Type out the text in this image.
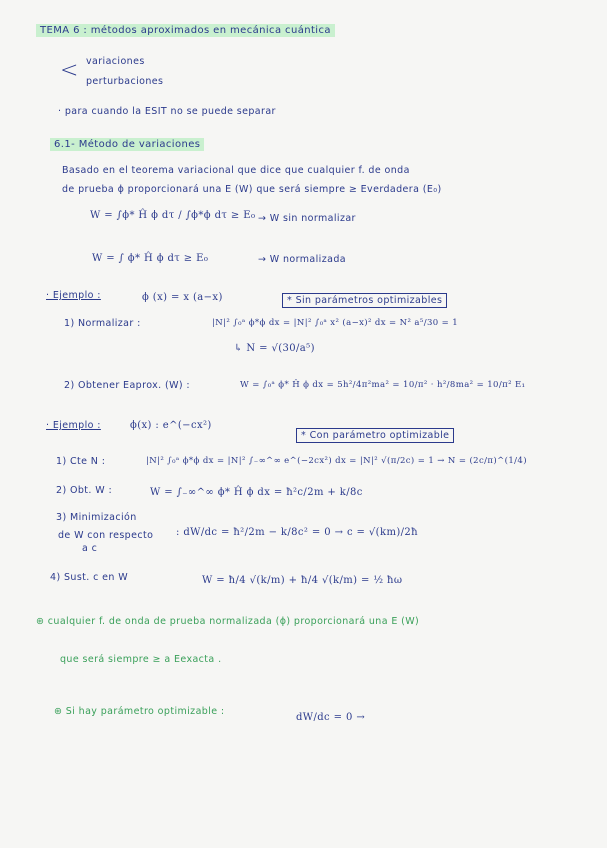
TEMA 6 : métodos aproximados en mecánica cuántica
< variaciones
perturbaciones
· para cuando la ESIT no se puede separar
6.1- Método de variaciones
Basado en el teorema variacional que dice que cualquier f. de onda
de prueba ϕ proporcionará una E (W) que será siempre ≥ Everdadera (E₀)
W = ∫ϕ* Ĥ ϕ dτ / ∫ϕ*ϕ dτ ≥ E₀ → W sin normalizar
W = ∫ ϕ* Ĥ ϕ dτ ≥ E₀	→ W normalizada
· Ejemplo :	ϕ (x) = x (a−x)	* Sin parámetros optimizables
1) Normalizar :	|N|² ∫₀ᵃ ϕ*ϕ dx = |N|² ∫₀ᵃ x² (a−x)² dx = N² a⁵/30 = 1
↳ N = √(30/a⁵)
2) Obtener Eaprox. (W) :	W = ∫₀ᵃ ϕ* Ĥ ϕ dx = 5h²/4π²ma² = 10/π² · h²/8ma² = 10/π² E₁
· Ejemplo :	ϕ(x) : e^(−cx²)
* Con parámetro optimizable
1) Cte N :	|N|² ∫₀ᵃ ϕ*ϕ dx = |N|² ∫₋∞^∞ e^(−2cx²) dx = |N|² √(π/2c) = 1 → N = (2c/π)^(1/4)
2) Obt. W :	W = ∫₋∞^∞ ϕ* Ĥ ϕ dx = ħ²c/2m + k/8c
3) Minimización
de W con respecto
a c
: dW/dc = ħ²/2m − k/8c² = 0 → c = √(km)/2ħ
4) Sust. c en W	W = ħ/4 √(k/m) + ħ/4 √(k/m) = ½ ħω
⊛ cualquier f. de onda de prueba normalizada (ϕ) proporcionará una E (W)
que será siempre ≥ a Eexacta .
⊛ Si hay parámetro optimizable :
dW/dc = 0 →
